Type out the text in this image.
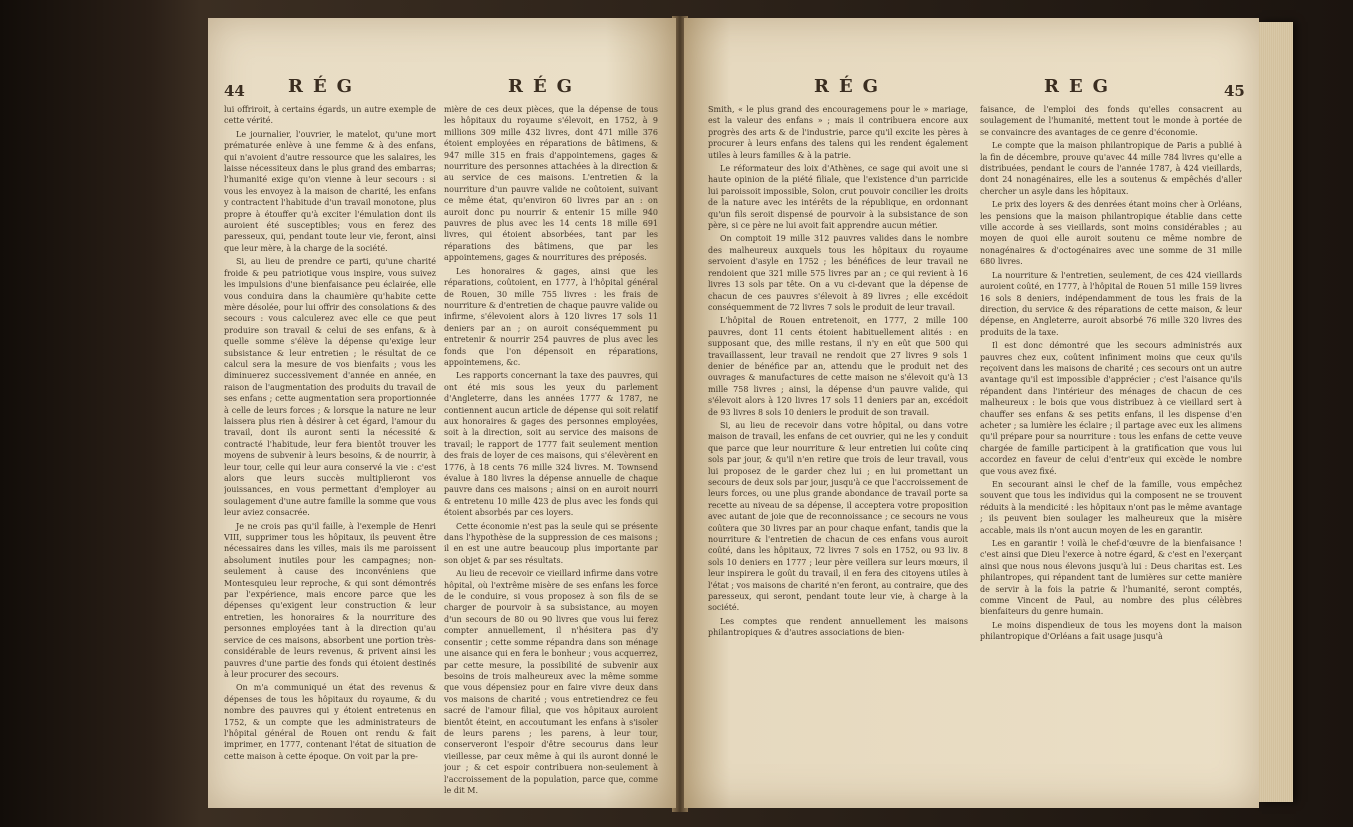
44 RÉG	RÉG

lui offriroit, à certains égards, un autre exemple de cette vérité.

Le journalier, l'ouvrier, le matelot, qu'une mort prématurée enlève à une femme & à des enfans, qui n'avoient d'autre ressource que les salaires, les laisse nécessiteux dans le plus grand des embarras; l'humanité exige qu'on vienne à leur secours : si vous les envoyez à la maison de charité, les enfans y contractent l'habitude d'un travail monotone, plus propre à étouffer qu'à exciter l'émulation dont ils auroient été susceptibles; vous en ferez des paresseux, qui, pendant toute leur vie, feront, ainsi que leur mère, à la charge de la société.

Si, au lieu de prendre ce parti, qu'une charité froide & peu patriotique vous inspire, vous suivez les impulsions d'une bienfaisance peu éclairée, elle vous conduira dans la chaumière qu'habite cette mère désolée, pour lui offrir des consolations & des secours : vous calculerez avec elle ce que peut produire son travail & celui de ses enfans, & à quelle somme s'élève la dépense qu'exige leur subsistance & leur entretien ; le résultat de ce calcul sera la mesure de vos bienfaits ; vous les diminuerez successivement d'année en année, en raison de l'augmentation des produits du travail de ses enfans ; cette augmentation sera proportionnée à celle de leurs forces ; & lorsque la nature ne leur laissera plus rien à désirer à cet égard, l'amour du travail, dont ils auront senti la nécessité & contracté l'habitude, leur fera bientôt trouver les moyens de subvenir à leurs besoins, & de nourrir, à leur tour, celle qui leur aura conservé la vie : c'est alors que leurs succès multiplieront vos jouissances, en vous permettant d'employer au soulagement d'une autre famille la somme que vous leur aviez consacrée.

Je ne crois pas qu'il faille, à l'exemple de Henri VIII, supprimer tous les hôpitaux, ils peuvent être nécessaires dans les villes, mais ils me paroissent absolument inutiles pour les campagnes; non-seulement à cause des inconvéniens que Montesquieu leur reproche, & qui sont démontrés par l'expérience, mais encore parce que les dépenses qu'exigent leur construction & leur entretien, les honoraires & la nourriture des personnes employées tant à la direction qu'au service de ces maisons, absorbent une portion très-considérable de leurs revenus, & privent ainsi les pauvres d'une partie des fonds qui étoient destinés à leur procurer des secours.

On m'a communiqué un état des revenus & dépenses de tous les hôpitaux du royaume, & du nombre des pauvres qui y étoient entretenus en 1752, & un compte que les administrateurs de l'hôpital général de Rouen ont rendu & fait imprimer, en 1777, contenant l'état de situation de cette maison à cette époque. On voit par la pre-

mière de ces deux pièces, que la dépense de tous les hôpitaux du royaume s'élevoit, en 1752, à 9 millions 309 mille 432 livres, dont 471 mille 376 étoient employées en réparations de bâtimens, & 947 mille 315 en frais d'appointemens, gages & nourriture des personnes attachées à la direction & au service de ces maisons. L'entretien & la nourriture d'un pauvre valide ne coûtoient, suivant ce même état, qu'environ 60 livres par an : on auroit donc pu nourrir & entenir 15 mille 940 pauvres de plus avec les 14 cents 18 mille 691 livres, qui étoient absorbées, tant par les réparations des bâtimens, que par les appointemens, gages & nourritures des préposés.

Les honoraires & gages, ainsi que les réparations, coûtoient, en 1777, à l'hôpital général de Rouen, 30 mille 755 livres : les frais de nourriture & d'entretien de chaque pauvre valide ou infirme, s'élevoient alors à 120 livres 17 sols 11 deniers par an ; on auroit conséquemment pu entretenir & nourrir 254 pauvres de plus avec les fonds que l'on dépensoit en réparations, appointemens, &c.

Les rapports concernant la taxe des pauvres, qui ont été mis sous les yeux du parlement d'Angleterre, dans les années 1777 & 1787, ne contiennent aucun article de dépense qui soit relatif aux honoraires & gages des personnes employées, soit à la direction, soit au service des maisons de travail; le rapport de 1777 fait seulement mention des frais de loyer de ces maisons, qui s'élevèrent en 1776, à 18 cents 76 mille 324 livres. M. Townsend évalue à 180 livres la dépense annuelle de chaque pauvre dans ces maisons ; ainsi on en auroit nourri & entretenu 10 mille 423 de plus avec les fonds qui étoient absorbés par ces loyers.

Cette économie n'est pas la seule qui se présente dans l'hypothèse de la suppression de ces maisons ; il en est une autre beaucoup plus importante par son objet & par ses résultats.

Au lieu de recevoir ce vieillard infirme dans votre hôpital, où l'extrême misère de ses enfans les force de le conduire, si vous proposez à son fils de se charger de pourvoir à sa subsistance, au moyen d'un secours de 80 ou 90 livres que vous lui ferez compter annuellement, il n'hésitera pas d'y consentir ; cette somme répandra dans son ménage une aisance qui en fera le bonheur ; vous acquerrez, par cette mesure, la possibilité de subvenir aux besoins de trois malheureux avec la même somme que vous dépensiez pour en faire vivre deux dans vos maisons de charité ; vous entretiendrez ce feu sacré de l'amour filial, que vos hôpitaux auroient bientôt éteint, en accoutumant les enfans à s'isoler de leurs parens ; les parens, à leur tour, conserveront l'espoir d'être secourus dans leur vieillesse, par ceux même à qui ils auront donné le jour ; & cet espoir contribuera non-seulement à l'accroissement de la population, parce que, comme le dit M.

RÉG	REG	45

Smith, « le plus grand des encouragemens pour le » mariage, est la valeur des enfans » ; mais il contribuera encore aux progrès des arts & de l'industrie, parce qu'il excite les pères à procurer à leurs enfans des talens qui les rendent également utiles à leurs familles & à la patrie.

Le réformateur des loix d'Athènes, ce sage qui avoit une si haute opinion de la piété filiale, que l'existence d'un parricide lui paroissoit impossible, Solon, crut pouvoir concilier les droits de la nature avec les intérêts de la république, en ordonnant qu'un fils seroit dispensé de pourvoir à la subsistance de son père, si ce père ne lui avoit fait apprendre aucun métier.

On comptoit 19 mille 312 pauvres valides dans le nombre des malheureux auxquels tous les hôpitaux du royaume servoient d'asyle en 1752 ; les bénéfices de leur travail ne rendoient que 321 mille 575 livres par an ; ce qui revient à 16 livres 13 sols par tête. On a vu ci-devant que la dépense de chacun de ces pauvres s'élevoit à 89 livres ; elle excédoit conséquemment de 72 livres 7 sols le produit de leur travail.

L'hôpital de Rouen entretenoit, en 1777, 2 mille 100 pauvres, dont 11 cents étoient habituellement alités : en supposant que, des mille restans, il n'y en eût que 500 qui travaillassent, leur travail ne rendoit que 27 livres 9 sols 1 denier de bénéfice par an, attendu que le produit net des ouvrages & manufactures de cette maison ne s'élevoit qu'à 13 mille 758 livres ; ainsi, la dépense d'un pauvre valide, qui s'élevoit alors à 120 livres 17 sols 11 deniers par an, excédoit de 93 livres 8 sols 10 deniers le produit de son travail.

Si, au lieu de recevoir dans votre hôpital, ou dans votre maison de travail, les enfans de cet ouvrier, qui ne les y conduit que parce que leur nourriture & leur entretien lui coûte cinq sols par jour, & qu'il n'en retire que trois de leur travail, vous lui proposez de le garder chez lui ; en lui promettant un secours de deux sols par jour, jusqu'à ce que l'accroissement de leurs forces, ou une plus grande abondance de travail porte sa recette au niveau de sa dépense, il acceptera votre proposition avec autant de joie que de reconnoissance ; ce secours ne vous coûtera que 30 livres par an pour chaque enfant, tandis que la nourriture & l'entretien de chacun de ces enfans vous auroit coûté, dans les hôpitaux, 72 livres 7 sols en 1752, ou 93 liv. 8 sols 10 deniers en 1777 ; leur père veillera sur leurs mœurs, il leur inspirera le goût du travail, il en fera des citoyens utiles à l'état ; vos maisons de charité n'en feront, au contraire, que des paresseux, qui seront, pendant toute leur vie, à charge à la société.

Les comptes que rendent annuellement les maisons philantropiques & d'autres associations de bien-

faisance, de l'emploi des fonds qu'elles consacrent au soulagement de l'humanité, mettent tout le monde à portée de se convaincre des avantages de ce genre d'économie.

Le compte que la maison philantropique de Paris a publié à la fin de décembre, prouve qu'avec 44 mille 784 livres qu'elle a distribuées, pendant le cours de l'année 1787, à 424 vieillards, dont 24 nonagénaires, elle les a soutenus & empêchés d'aller chercher un asyle dans les hôpitaux.

Le prix des loyers & des denrées étant moins cher à Orléans, les pensions que la maison philantropique établie dans cette ville accorde à ses vieillards, sont moins considérables ; au moyen de quoi elle auroit soutenu ce même nombre de nonagénaires & d'octogénaires avec une somme de 31 mille 680 livres.

La nourriture & l'entretien, seulement, de ces 424 vieillards auroient coûté, en 1777, à l'hôpital de Rouen 51 mille 159 livres 16 sols 8 deniers, indépendamment de tous les frais de la direction, du service & des réparations de cette maison, & leur dépense, en Angleterre, auroit absorbé 76 mille 320 livres des produits de la taxe.

Il est donc démontré que les secours administrés aux pauvres chez eux, coûtent infiniment moins que ceux qu'ils reçoivent dans les maisons de charité ; ces secours ont un autre avantage qu'il est impossible d'apprécier ; c'est l'aisance qu'ils répandent dans l'intérieur des ménages de chacun de ces malheureux : le bois que vous distribuez à ce vieillard sert à chauffer ses enfans & ses petits enfans, il les dispense d'en acheter ; sa lumière les éclaire ; il partage avec eux les alimens qu'il prépare pour sa nourriture : tous les enfans de cette veuve chargée de famille participent à la gratification que vous lui accordez en faveur de celui d'entr'eux qui excède le nombre que vous avez fixé.

En secourant ainsi le chef de la famille, vous empêchez souvent que tous les individus qui la composent ne se trouvent réduits à la mendicité : les hôpitaux n'ont pas le même avantage ; ils peuvent bien soulager les malheureux que la misère accable, mais ils n'ont aucun moyen de les en garantir.

Les en garantir ! voilà le chef-d'œuvre de la bienfaisance ! c'est ainsi que Dieu l'exerce à notre égard, & c'est en l'exerçant ainsi que nous nous élevons jusqu'à lui : Deus charitas est. Les philantropes, qui répandent tant de lumières sur cette manière de servir à la fois la patrie & l'humanité, seront comptés, comme Vincent de Paul, au nombre des plus célèbres bienfaiteurs du genre humain.

Le moins dispendieux de tous les moyens dont la maison philantropique d'Orléans a fait usage jusqu'à
